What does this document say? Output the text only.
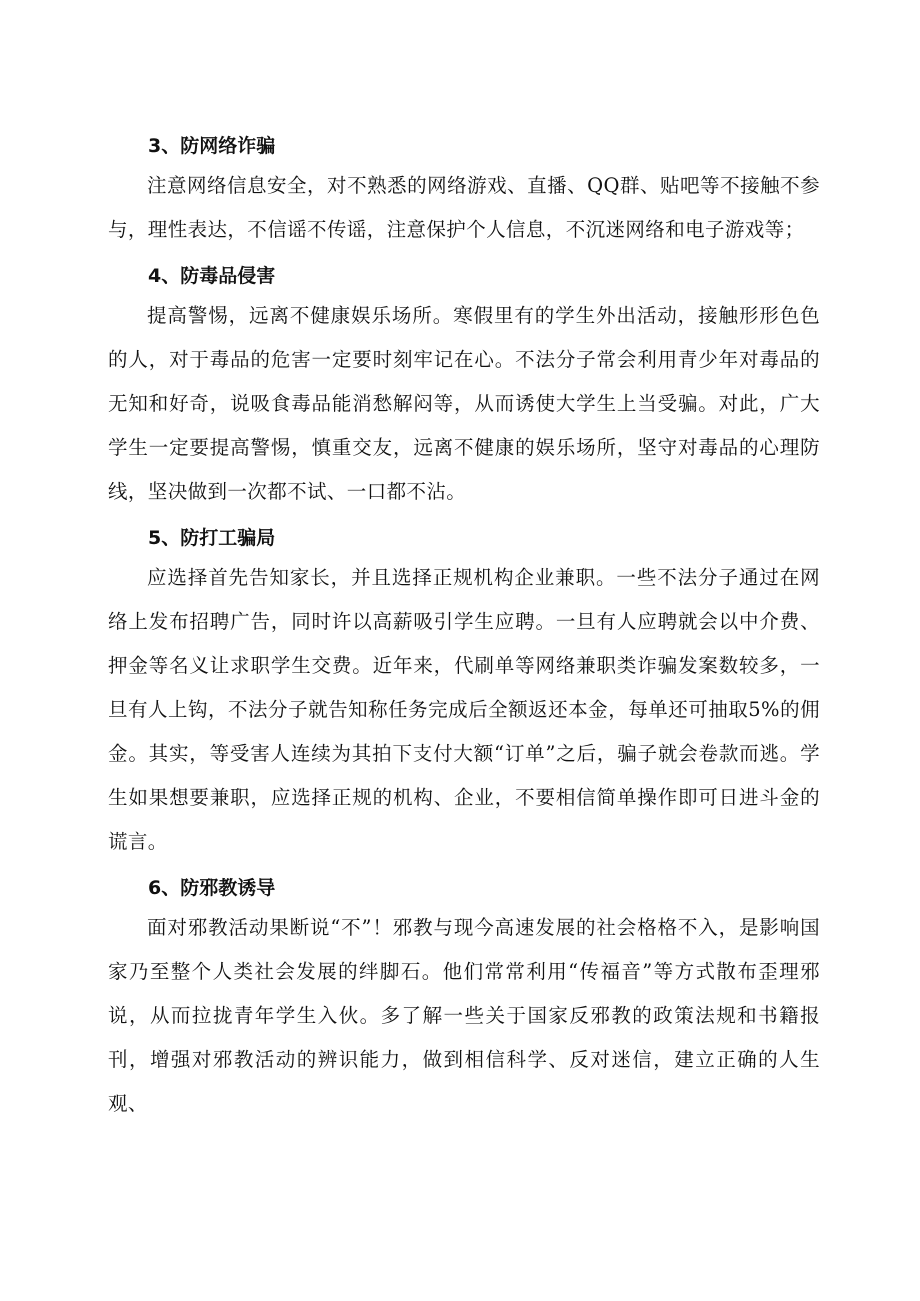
3、防网络诈骗

注意网络信息安全，对不熟悉的网络游戏、直播、QQ群、贴吧等不接触不参与，理性表达，不信谣不传谣，注意保护个人信息，不沉迷网络和电子游戏等；

4、防毒品侵害

提高警惕，远离不健康娱乐场所。寒假里有的学生外出活动，接触形形色色的人，对于毒品的危害一定要时刻牢记在心。不法分子常会利用青少年对毒品的无知和好奇，说吸食毒品能消愁解闷等，从而诱使大学生上当受骗。对此，广大学生一定要提高警惕，慎重交友，远离不健康的娱乐场所，坚守对毒品的心理防线，坚决做到一次都不试、一口都不沾。

5、防打工骗局

应选择首先告知家长，并且选择正规机构企业兼职。一些不法分子通过在网络上发布招聘广告，同时许以高薪吸引学生应聘。一旦有人应聘就会以中介费、押金等名义让求职学生交费。近年来，代刷单等网络兼职类诈骗发案数较多，一旦有人上钩，不法分子就告知称任务完成后全额返还本金，每单还可抽取5%的佣金。其实，等受害人连续为其拍下支付大额“订单”之后，骗子就会卷款而逃。学生如果想要兼职，应选择正规的机构、企业，不要相信简单操作即可日进斗金的谎言。

6、防邪教诱导

面对邪教活动果断说“不”！邪教与现今高速发展的社会格格不入，是影响国家乃至整个人类社会发展的绊脚石。他们常常利用“传福音”等方式散布歪理邪说，从而拉拢青年学生入伙。多了解一些关于国家反邪教的政策法规和书籍报刊，增强对邪教活动的辨识能力，做到相信科学、反对迷信，建立正确的人生观、
